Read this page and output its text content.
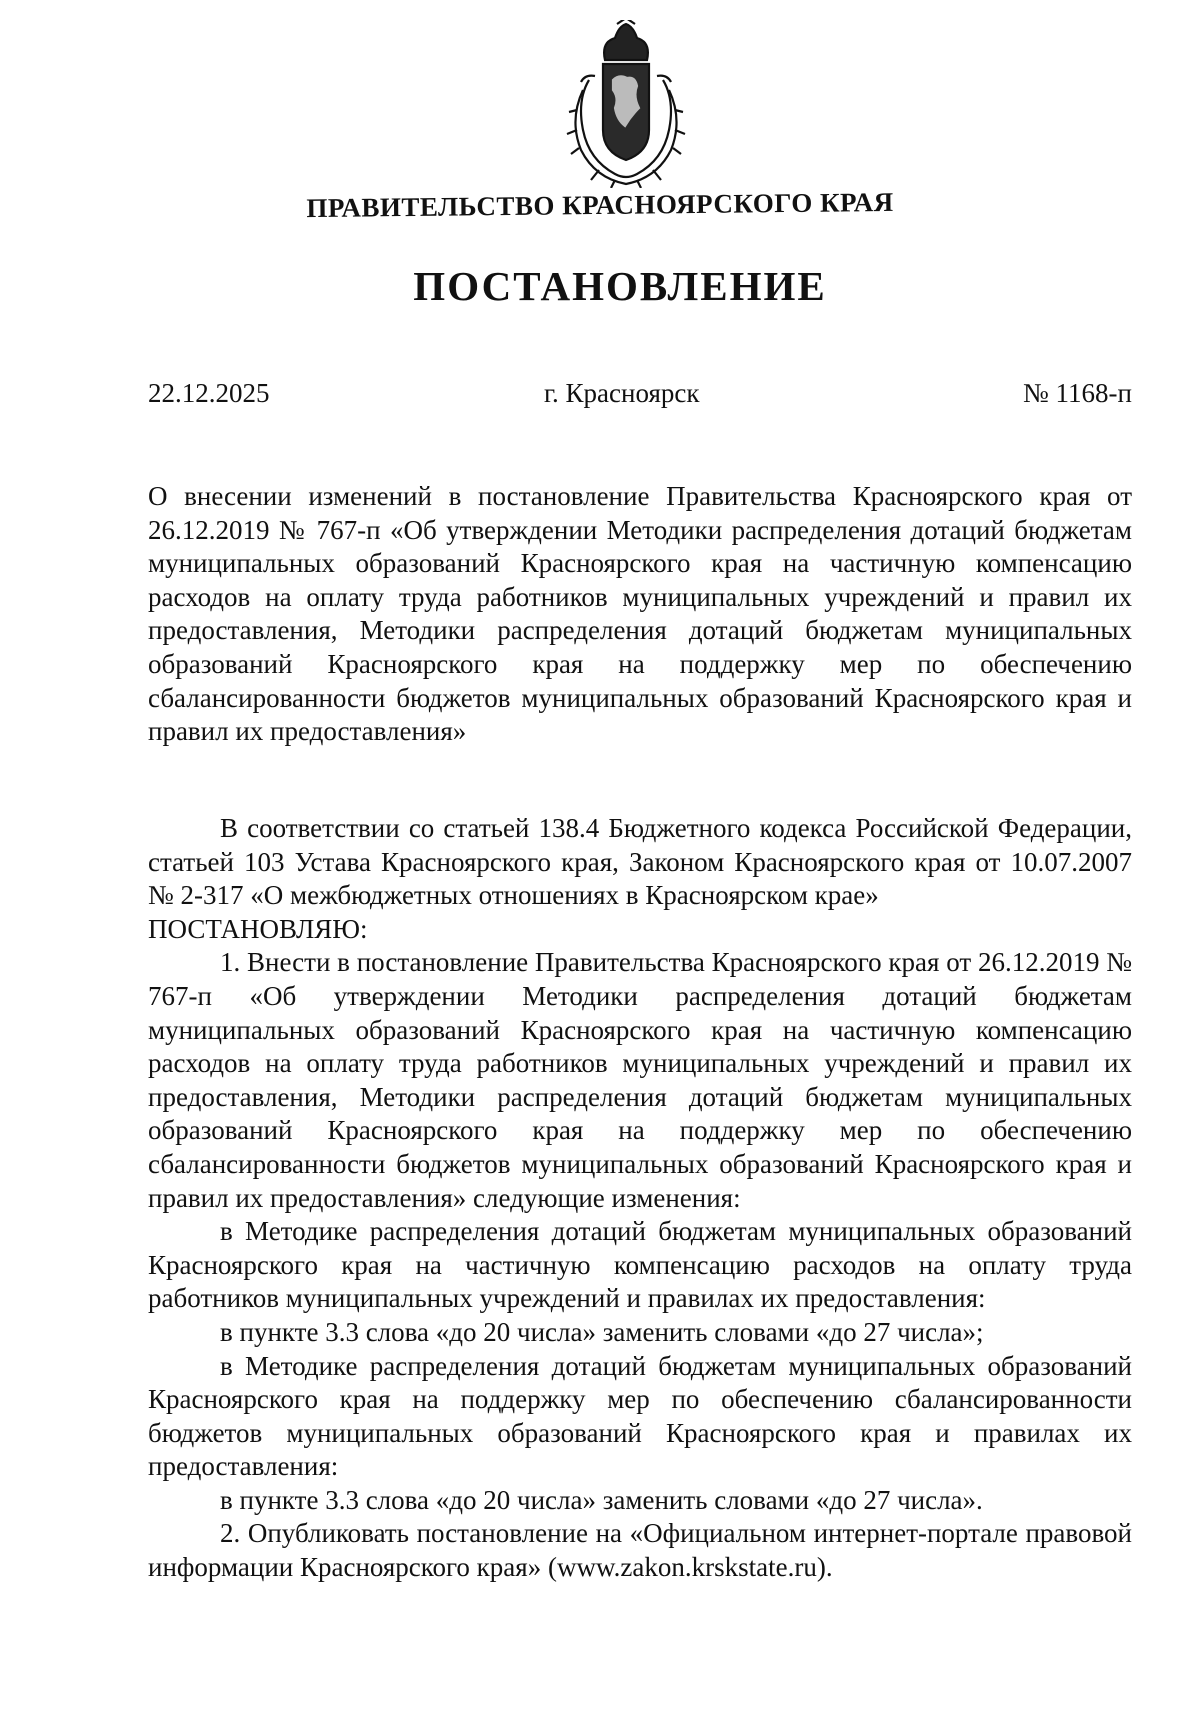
ПРАВИТЕЛЬСТВО КРАСНОЯРСКОГО КРАЯ
ПОСТАНОВЛЕНИЕ
22.12.2025	г. Красноярск	№ 1168-п

О внесении изменений в постановление Правительства Красноярского края от 26.12.2019 № 767-п «Об утверждении Методики распределения дотаций бюджетам муниципальных образований Красноярского края на частичную компенсацию расходов на оплату труда работников муниципальных учреждений и правил их предоставления, Методики распределения дотаций бюджетам муниципальных образований Красноярского края на поддержку мер по обеспечению сбалансированности бюджетов муниципальных образований Красноярского края и правил их предоставления»

В соответствии со статьей 138.4 Бюджетного кодекса Российской Федерации, статьей 103 Устава Красноярского края, Законом Красноярского края от 10.07.2007 № 2-317 «О межбюджетных отношениях в Красноярском крае»

ПОСТАНОВЛЯЮ:

1. Внести в постановление Правительства Красноярского края от 26.12.2019 № 767-п «Об утверждении Методики распределения дотаций бюджетам муниципальных образований Красноярского края на частичную компенсацию расходов на оплату труда работников муниципальных учреждений и правил их предоставления, Методики распределения дотаций бюджетам муниципальных образований Красноярского края на поддержку мер по обеспечению сбалансированности бюджетов муниципальных образований Красноярского края и правил их предоставления» следующие изменения:

в Методике распределения дотаций бюджетам муниципальных образований Красноярского края на частичную компенсацию расходов на оплату труда работников муниципальных учреждений и правилах их предоставления:

в пункте 3.3 слова «до 20 числа» заменить словами «до 27 числа»;

в Методике распределения дотаций бюджетам муниципальных образований Красноярского края на поддержку мер по обеспечению сбалансированности бюджетов муниципальных образований Красноярского края и правилах их предоставления:

в пункте 3.3 слова «до 20 числа» заменить словами «до 27 числа».

2. Опубликовать постановление на «Официальном интернет-портале правовой информации Красноярского края» (www.zakon.krskstate.ru).
